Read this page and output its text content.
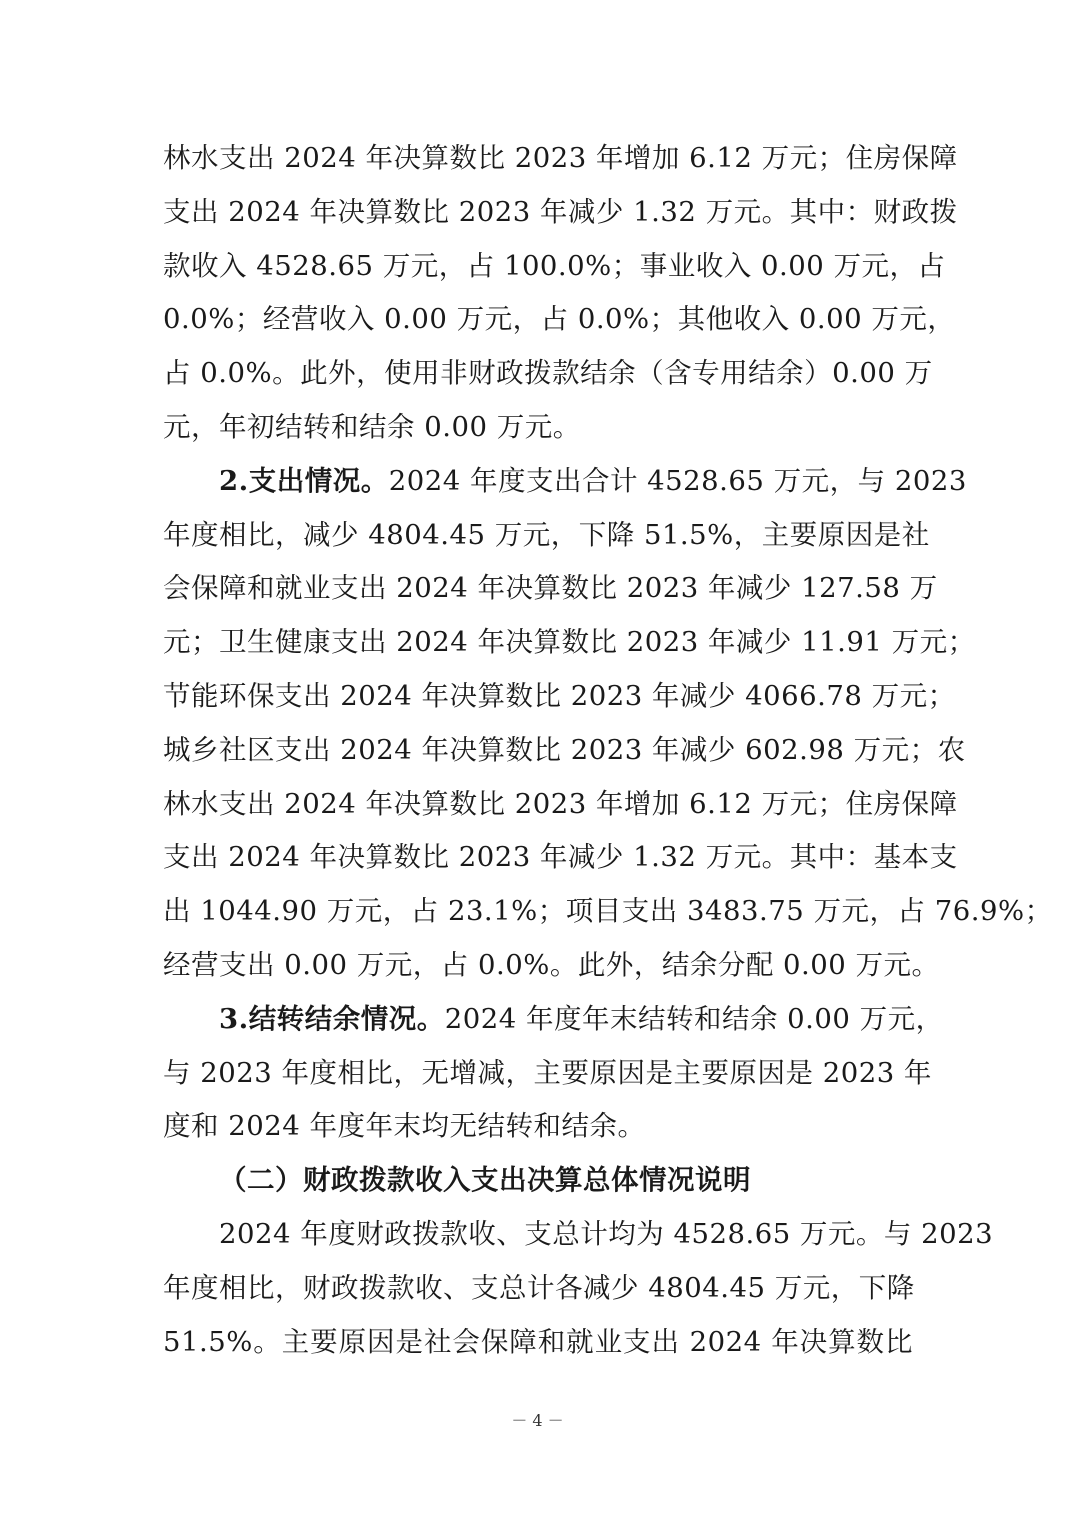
林水支出 2024 年决算数比 2023 年增加 6.12 万元；住房保障
支出 2024 年决算数比 2023 年减少 1.32 万元。其中：财政拨
款收入 4528.65 万元，占 100.0%；事业收入 0.00 万元，占
0.0%；经营收入 0.00 万元，占 0.0%；其他收入 0.00 万元，
占 0.0%。此外，使用非财政拨款结余（含专用结余）0.00 万
元，年初结转和结余 0.00 万元。
2.支出情况。2024 年度支出合计 4528.65 万元，与 2023
年度相比，减少 4804.45 万元，下降 51.5%，主要原因是社
会保障和就业支出 2024 年决算数比 2023 年减少 127.58 万
元；卫生健康支出 2024 年决算数比 2023 年减少 11.91 万元；
节能环保支出 2024 年决算数比 2023 年减少 4066.78 万元；
城乡社区支出 2024 年决算数比 2023 年减少 602.98 万元；农
林水支出 2024 年决算数比 2023 年增加 6.12 万元；住房保障
支出 2024 年决算数比 2023 年减少 1.32 万元。其中：基本支
出 1044.90 万元，占 23.1%；项目支出 3483.75 万元，占 76.9%；
经营支出 0.00 万元，占 0.0%。此外，结余分配 0.00 万元。
3.结转结余情况。2024 年度年末结转和结余 0.00 万元，
与 2023 年度相比，无增减，主要原因是主要原因是 2023 年
度和 2024 年度年末均无结转和结余。
（二）财政拨款收入支出决算总体情况说明
2024 年度财政拨款收、支总计均为 4528.65 万元。与 2023
年度相比，财政拨款收、支总计各减少 4804.45 万元，下降
51.5%。主要原因是社会保障和就业支出 2024 年决算数比
－ 4 －
